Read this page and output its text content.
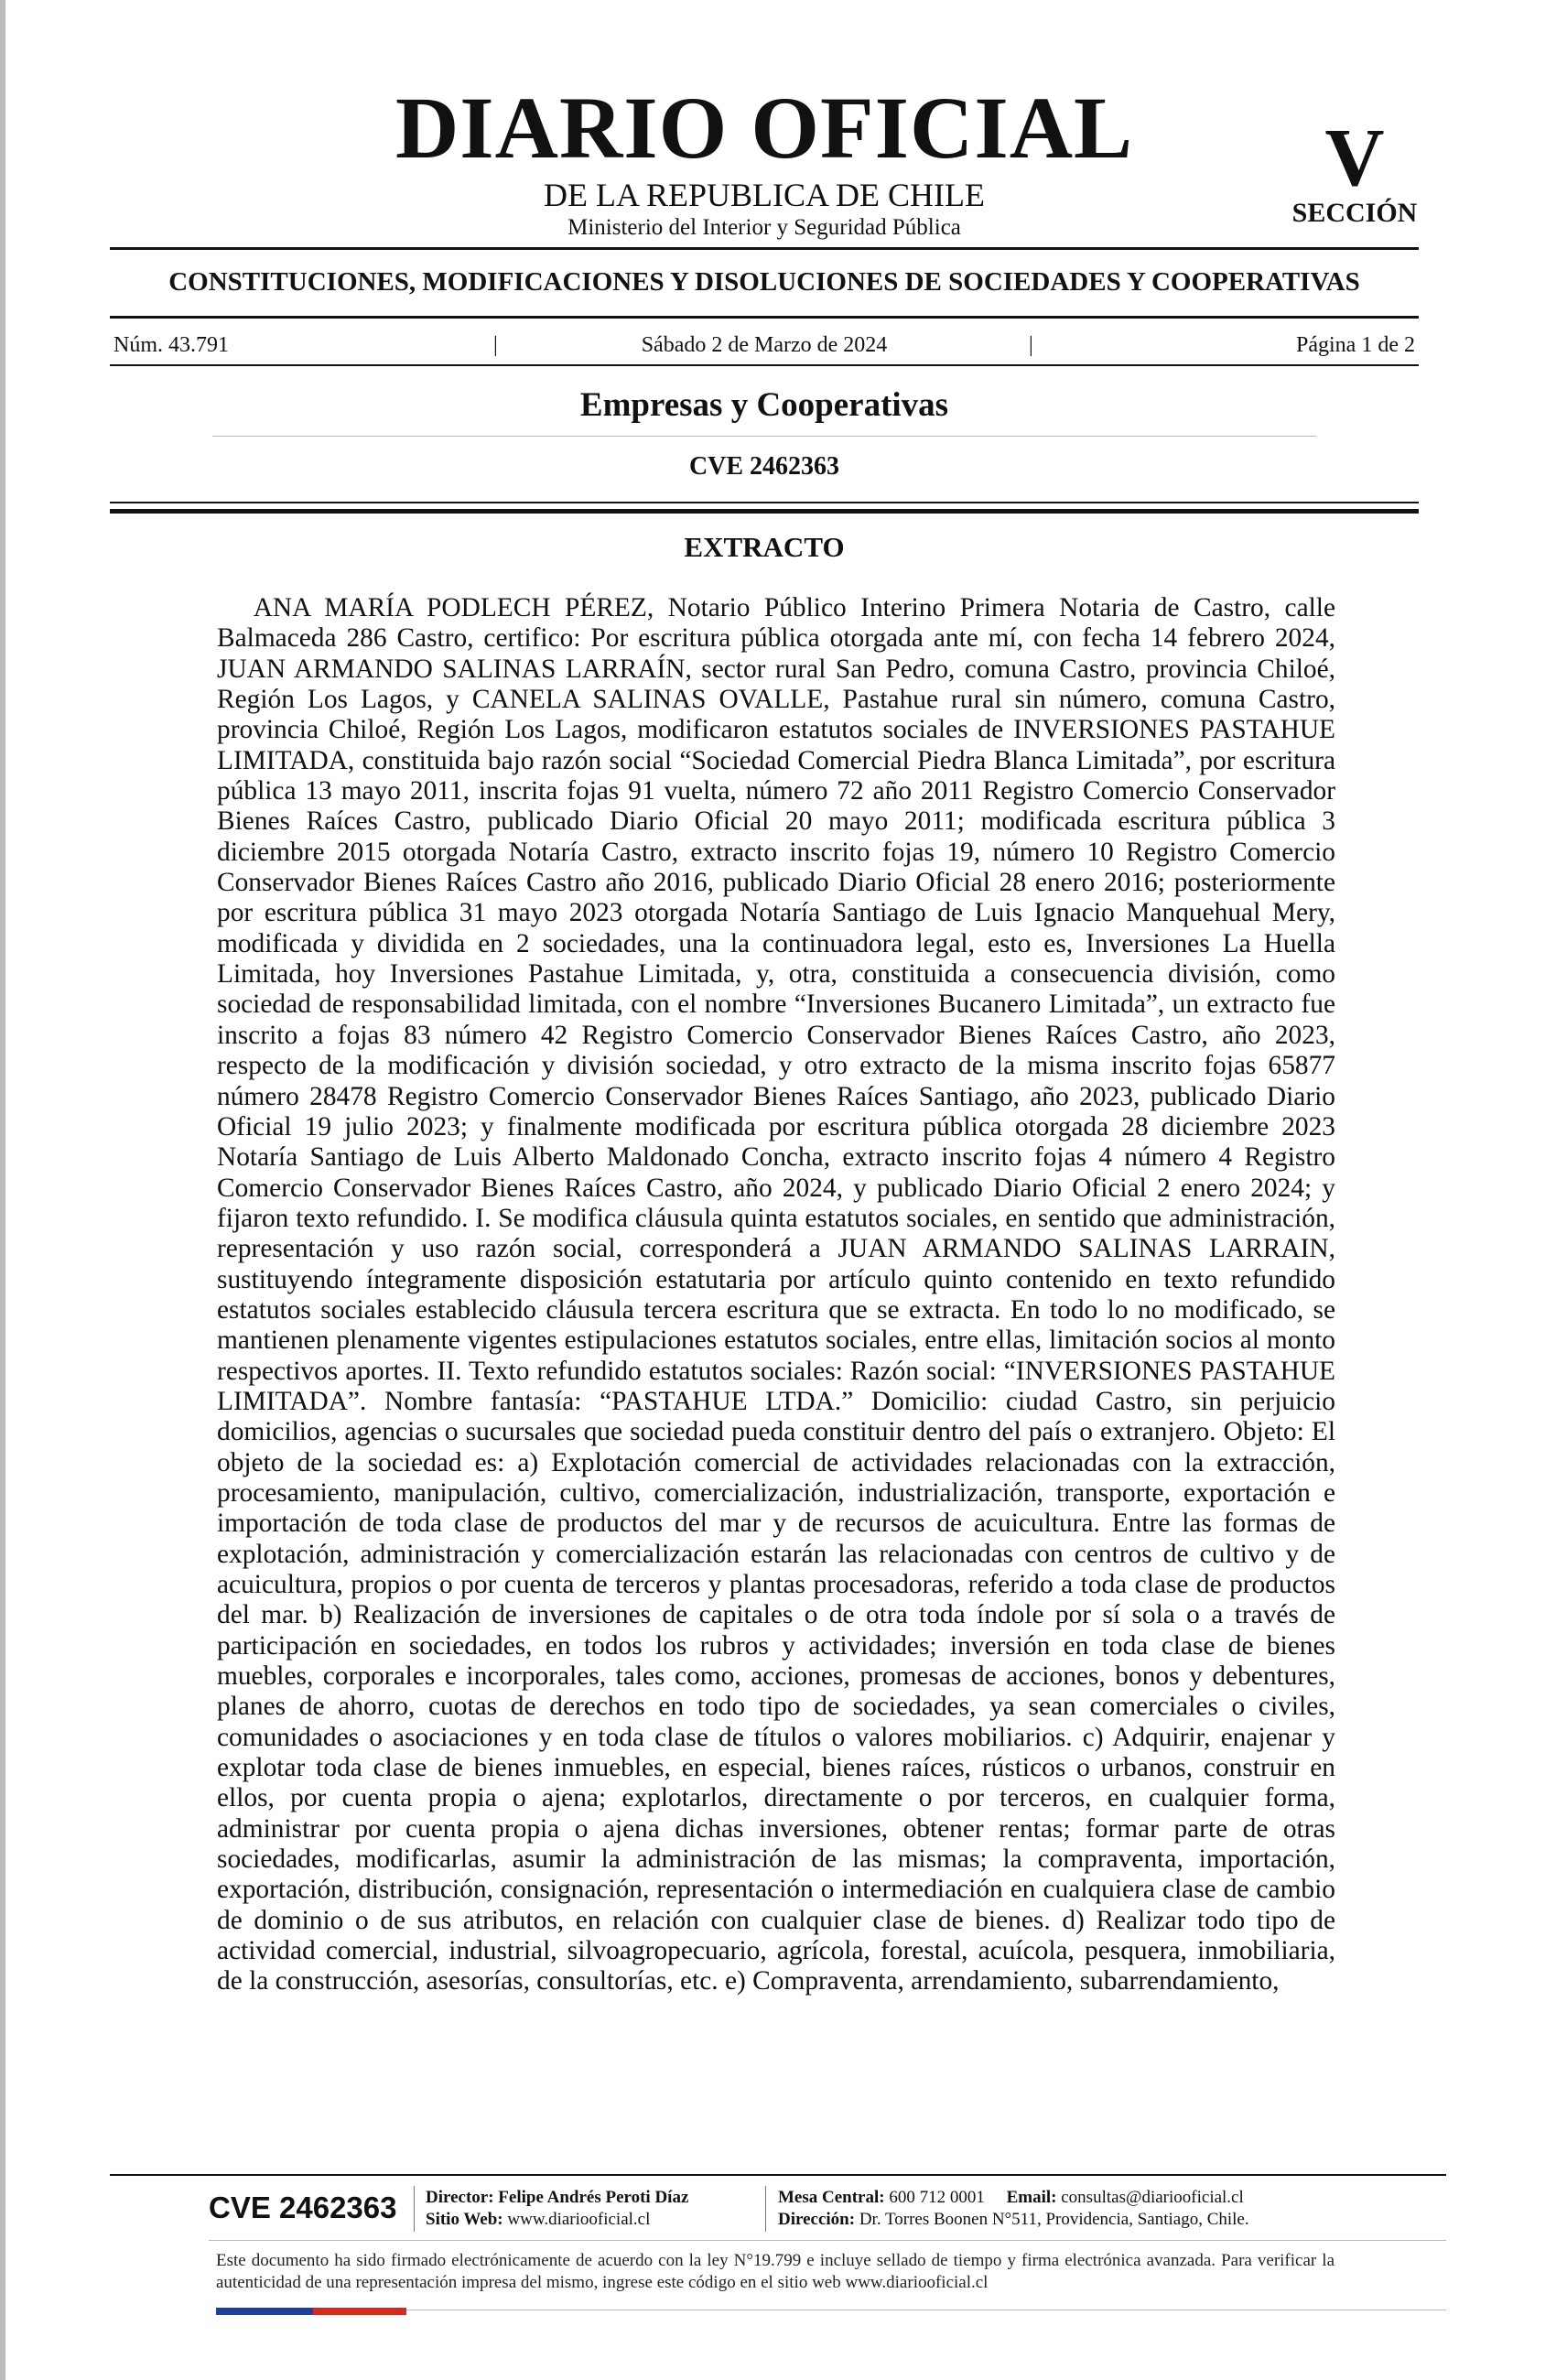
DIARIO OFICIAL
DE LA REPUBLICA DE CHILE
Ministerio del Interior y Seguridad Pública
V
SECCIÓN
CONSTITUCIONES, MODIFICACIONES Y DISOLUCIONES DE SOCIEDADES Y COOPERATIVAS
Núm. 43.791	|	Sábado 2 de Marzo de 2024	|	Página 1 de 2
Empresas y Cooperativas
CVE 2462363
EXTRACTO
ANA MARÍA PODLECH PÉREZ, Notario Público Interino Primera Notaria de Castro, calle Balmaceda 286 Castro, certifico: Por escritura pública otorgada ante mí, con fecha 14 febrero 2024, JUAN ARMANDO SALINAS LARRAÍN, sector rural San Pedro, comuna Castro, provincia Chiloé, Región Los Lagos, y CANELA SALINAS OVALLE, Pastahue rural sin número, comuna Castro, provincia Chiloé, Región Los Lagos, modificaron estatutos sociales de INVERSIONES PASTAHUE LIMITADA, constituida bajo razón social “Sociedad Comercial Piedra Blanca Limitada”, por escritura pública 13 mayo 2011, inscrita fojas 91 vuelta, número 72 año 2011 Registro Comercio Conservador Bienes Raíces Castro, publicado Diario Oficial 20 mayo 2011; modificada escritura pública 3 diciembre 2015 otorgada Notaría Castro, extracto inscrito fojas 19, número 10 Registro Comercio Conservador Bienes Raíces Castro año 2016, publicado Diario Oficial 28 enero 2016; posteriormente por escritura pública 31 mayo 2023 otorgada Notaría Santiago de Luis Ignacio Manquehual Mery, modificada y dividida en 2 sociedades, una la continuadora legal, esto es, Inversiones La Huella Limitada, hoy Inversiones Pastahue Limitada, y, otra, constituida a consecuencia división, como sociedad de responsabilidad limitada, con el nombre “Inversiones Bucanero Limitada”, un extracto fue inscrito a fojas 83 número 42 Registro Comercio Conservador Bienes Raíces Castro, año 2023, respecto de la modificación y división sociedad, y otro extracto de la misma inscrito fojas 65877 número 28478 Registro Comercio Conservador Bienes Raíces Santiago, año 2023, publicado Diario Oficial 19 julio 2023; y finalmente modificada por escritura pública otorgada 28 diciembre 2023 Notaría Santiago de Luis Alberto Maldonado Concha, extracto inscrito fojas 4 número 4 Registro Comercio Conservador Bienes Raíces Castro, año 2024, y publicado Diario Oficial 2 enero 2024; y fijaron texto refundido. I. Se modifica cláusula quinta estatutos sociales, en sentido que administración, representación y uso razón social, corresponderá a JUAN ARMANDO SALINAS LARRAIN, sustituyendo íntegramente disposición estatutaria por artículo quinto contenido en texto refundido estatutos sociales establecido cláusula tercera escritura que se extracta. En todo lo no modificado, se mantienen plenamente vigentes estipulaciones estatutos sociales, entre ellas, limitación socios al monto respectivos aportes. II. Texto refundido estatutos sociales: Razón social: “INVERSIONES PASTAHUE LIMITADA”. Nombre fantasía: “PASTAHUE LTDA.” Domicilio: ciudad Castro, sin perjuicio domicilios, agencias o sucursales que sociedad pueda constituir dentro del país o extranjero. Objeto: El objeto de la sociedad es: a) Explotación comercial de actividades relacionadas con la extracción, procesamiento, manipulación, cultivo, comercialización, industrialización, transporte, exportación e importación de toda clase de productos del mar y de recursos de acuicultura. Entre las formas de explotación, administración y comercialización estarán las relacionadas con centros de cultivo y de acuicultura, propios o por cuenta de terceros y plantas procesadoras, referido a toda clase de productos del mar. b) Realización de inversiones de capitales o de otra toda índole por sí sola o a través de participación en sociedades, en todos los rubros y actividades; inversión en toda clase de bienes muebles, corporales e incorporales, tales como, acciones, promesas de acciones, bonos y debentures, planes de ahorro, cuotas de derechos en todo tipo de sociedades, ya sean comerciales o civiles, comunidades o asociaciones y en toda clase de títulos o valores mobiliarios. c) Adquirir, enajenar y explotar toda clase de bienes inmuebles, en especial, bienes raíces, rústicos o urbanos, construir en ellos, por cuenta propia o ajena; explotarlos, directamente o por terceros, en cualquier forma, administrar por cuenta propia o ajena dichas inversiones, obtener rentas; formar parte de otras sociedades, modificarlas, asumir la administración de las mismas; la compraventa, importación, exportación, distribución, consignación, representación o intermediación en cualquiera clase de cambio de dominio o de sus atributos, en relación con cualquier clase de bienes. d) Realizar todo tipo de actividad comercial, industrial, silvoagropecuario, agrícola, forestal, acuícola, pesquera, inmobiliaria, de la construcción, asesorías, consultorías, etc. e) Compraventa, arrendamiento, subarrendamiento,
CVE 2462363 Director: Felipe Andrés Peroti Díaz
Sitio Web: www.diariooficial.cl
Mesa Central: 600 712 0001 Email: consultas@diariooficial.cl
Dirección: Dr. Torres Boonen N°511, Providencia, Santiago, Chile.
Este documento ha sido firmado electrónicamente de acuerdo con la ley N°19.799 e incluye sellado de tiempo y firma electrónica avanzada. Para verificar la autenticidad de una representación impresa del mismo, ingrese este código en el sitio web www.diariooficial.cl
